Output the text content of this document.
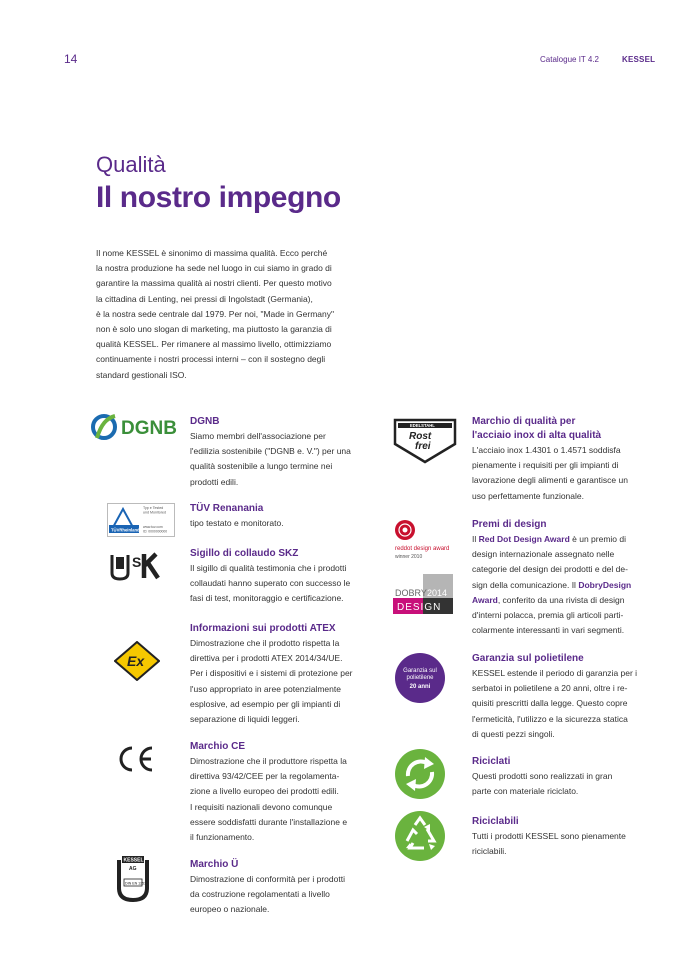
14	Catalogue IT 4.2	KESSEL
Qualità
Il nostro impegno
Il nome KESSEL è sinonimo di massima qualità. Ecco perché
la nostra produzione ha sede nel luogo in cui siamo in grado di
garantire la massima qualità ai nostri clienti. Per questo motivo
la cittadina di Lenting, nei pressi di Ingolstadt (Germania),
è la nostra sede centrale dal 1979. Per noi, "Made in Germany"
non è solo uno slogan di marketing, ma piuttosto la garanzia di
qualità KESSEL. Per rimanere al massimo livello, ottimizziamo
continuamente i nostri processi interni – con il sostegno degli
standard gestionali ISO.
DGNB
TÜVRheinland
Typ e Tested
und Monitored
www.tuv.com
ID: 0000000000
S
Ex
KESSEL
AG
DIN EN 1253
DGNB
Siamo membri dell'associazione per
l'edilizia sostenibile ("DGNB e. V.") per una
qualità sostenibile a lungo termine nei
prodotti edili.
TÜV Renanania
tipo testato e monitorato.
Sigillo di collaudo SKZ
Il sigillo di qualità testimonia che i prodotti
collaudati hanno superato con successo le
fasi di test, monitoraggio e certificazione.
Informazioni sui prodotti ATEX
Dimostrazione che il prodotto rispetta la
direttiva per i prodotti ATEX 2014/34/UE.
Per i dispositivi e i sistemi di protezione per
l'uso appropriato in aree potenzialmente
esplosive, ad esempio per gli impianti di
separazione di liquidi leggeri.
Marchio CE
Dimostrazione che il produttore rispetta la
direttiva 93/42/CEE per la regolamenta-
zione a livello europeo dei prodotti edili.
I requisiti nazionali devono comunque
essere soddisfatti durante l'installazione e
il funzionamento.
Marchio Ü
Dimostrazione di conformità per i prodotti
da costruzione regolamentati a livello
europeo o nazionale.
EDELSTAHL
Rost
frei
reddot design award
winner 2010
DOBRY 2014
DESIGN
Garanzia sul
polietilene
20 anni
Marchio di qualità per
l'acciaio inox di alta qualità
L'acciaio inox 1.4301 o 1.4571 soddisfa
pienamente i requisiti per gli impianti di
lavorazione degli alimenti e garantisce un
uso perfettamente funzionale.
Premi di design
Il Red Dot Design Award è un premio di
design internazionale assegnato nelle
categorie del design dei prodotti e del de-
sign della comunicazione. Il DobryDesign
Award, conferito da una rivista di design
d'interni polacca, premia gli articoli parti-
colarmente interessanti in vari segmenti.
Garanzia sul polietilene
KESSEL estende il periodo di garanzia per i
serbatoi in polietilene a 20 anni, oltre i re-
quisiti prescritti dalla legge. Questo copre
l'ermeticità, l'utilizzo e la sicurezza statica
di questi pezzi singoli.
Riciclati
Questi prodotti sono realizzati in gran
parte con materiale riciclato.
Riciclabili
Tutti i prodotti KESSEL sono pienamente
riciclabili.
